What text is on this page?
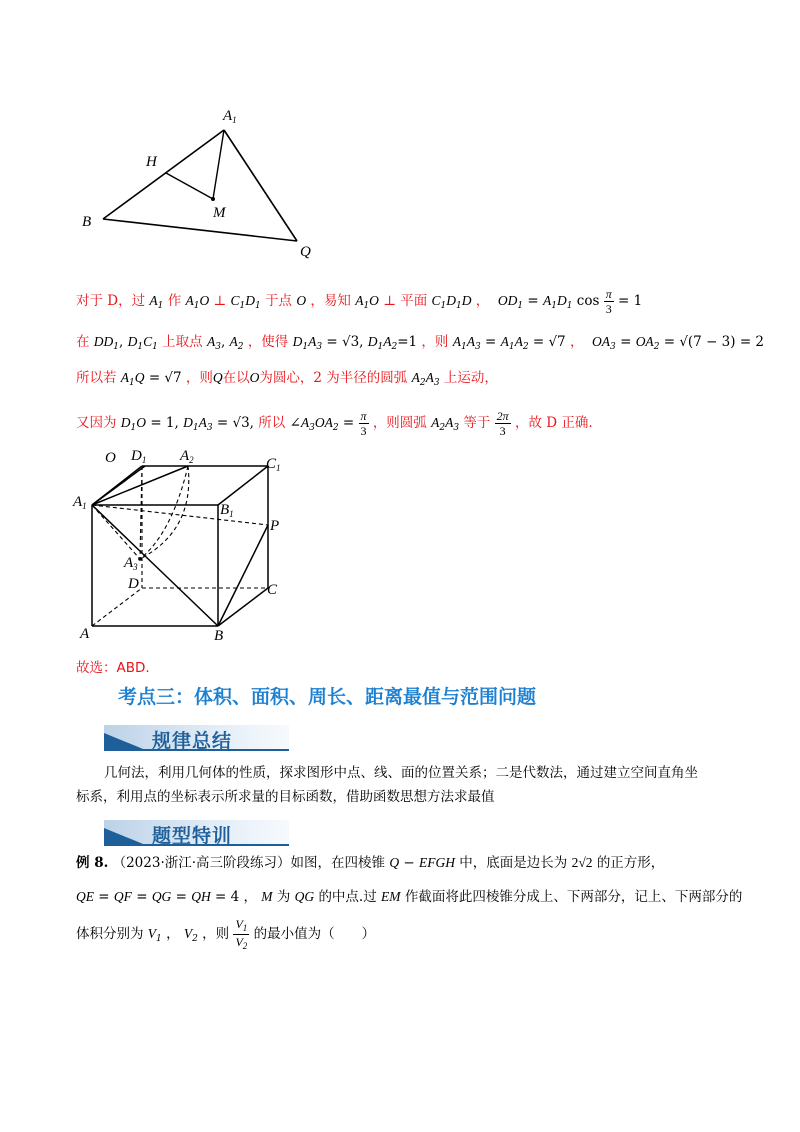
$A_1$
H
M
B
Q
对于 D，过 $A_1$ 作 $A_1O$ ⊥ $C_1D_1$ 于点 O ，易知 $A_1O$ ⊥ 平面 $C_1D_1D$ ， $OD_1 = A_1D_1$ $\cos \frac{\pi}{3} = 1$
在 $DD_1$, $D_1C_1$ 上取点 $A_3$, $A_2$ ，使得 $D_1A_3 = √3$, $D_1A_2=1$ ，则 $A_1A_3 = A_1A_2 = √7$ ， $OA_3 = OA_2 = √(7 - 3) = 2$
所以若 $A_1Q = √7$ ，则Q在以O为圆心，2 为半径的圆弧 $A_2A_3$ 上运动，
又因为 $D_1O = 1$, $D_1A_3 = √3$, 所以 $\angle A_3OA_2 = \frac{\pi}{3}$ ，则圆弧 $A_2A_3$ 等于 $\frac{2\pi}{3}$ ，故 D 正确.
O $D_1$ $A_2$	$C_1$
$A_1$	$B_1$
P
$A_3$
D	C
A	B
故选：ABD.
考点三：体积、面积、周长、距离最值与范围问题
规律总结
几何法，利用几何体的性质，探求图形中点、线、面的位置关系；二是代数法，通过建立空间直角坐
标系，利用点的坐标表示所求量的目标函数，借助函数思想方法求最值
题型特训
例 8. （2023·浙江·高三阶段练习）如图，在四棱锥 Q − EFGH 中，底面是边长为 2√2 的正方形，
QE = QF = QG = QH = 4 ， M 为 QG 的中点.过 EM 作截面将此四棱锥分成上、下两部分，记上、下两部分的
体积分别为 $V_1$ ， $V_2$ ，则 $\frac{V_1}{V_2}$ 的最小值为（　　）
